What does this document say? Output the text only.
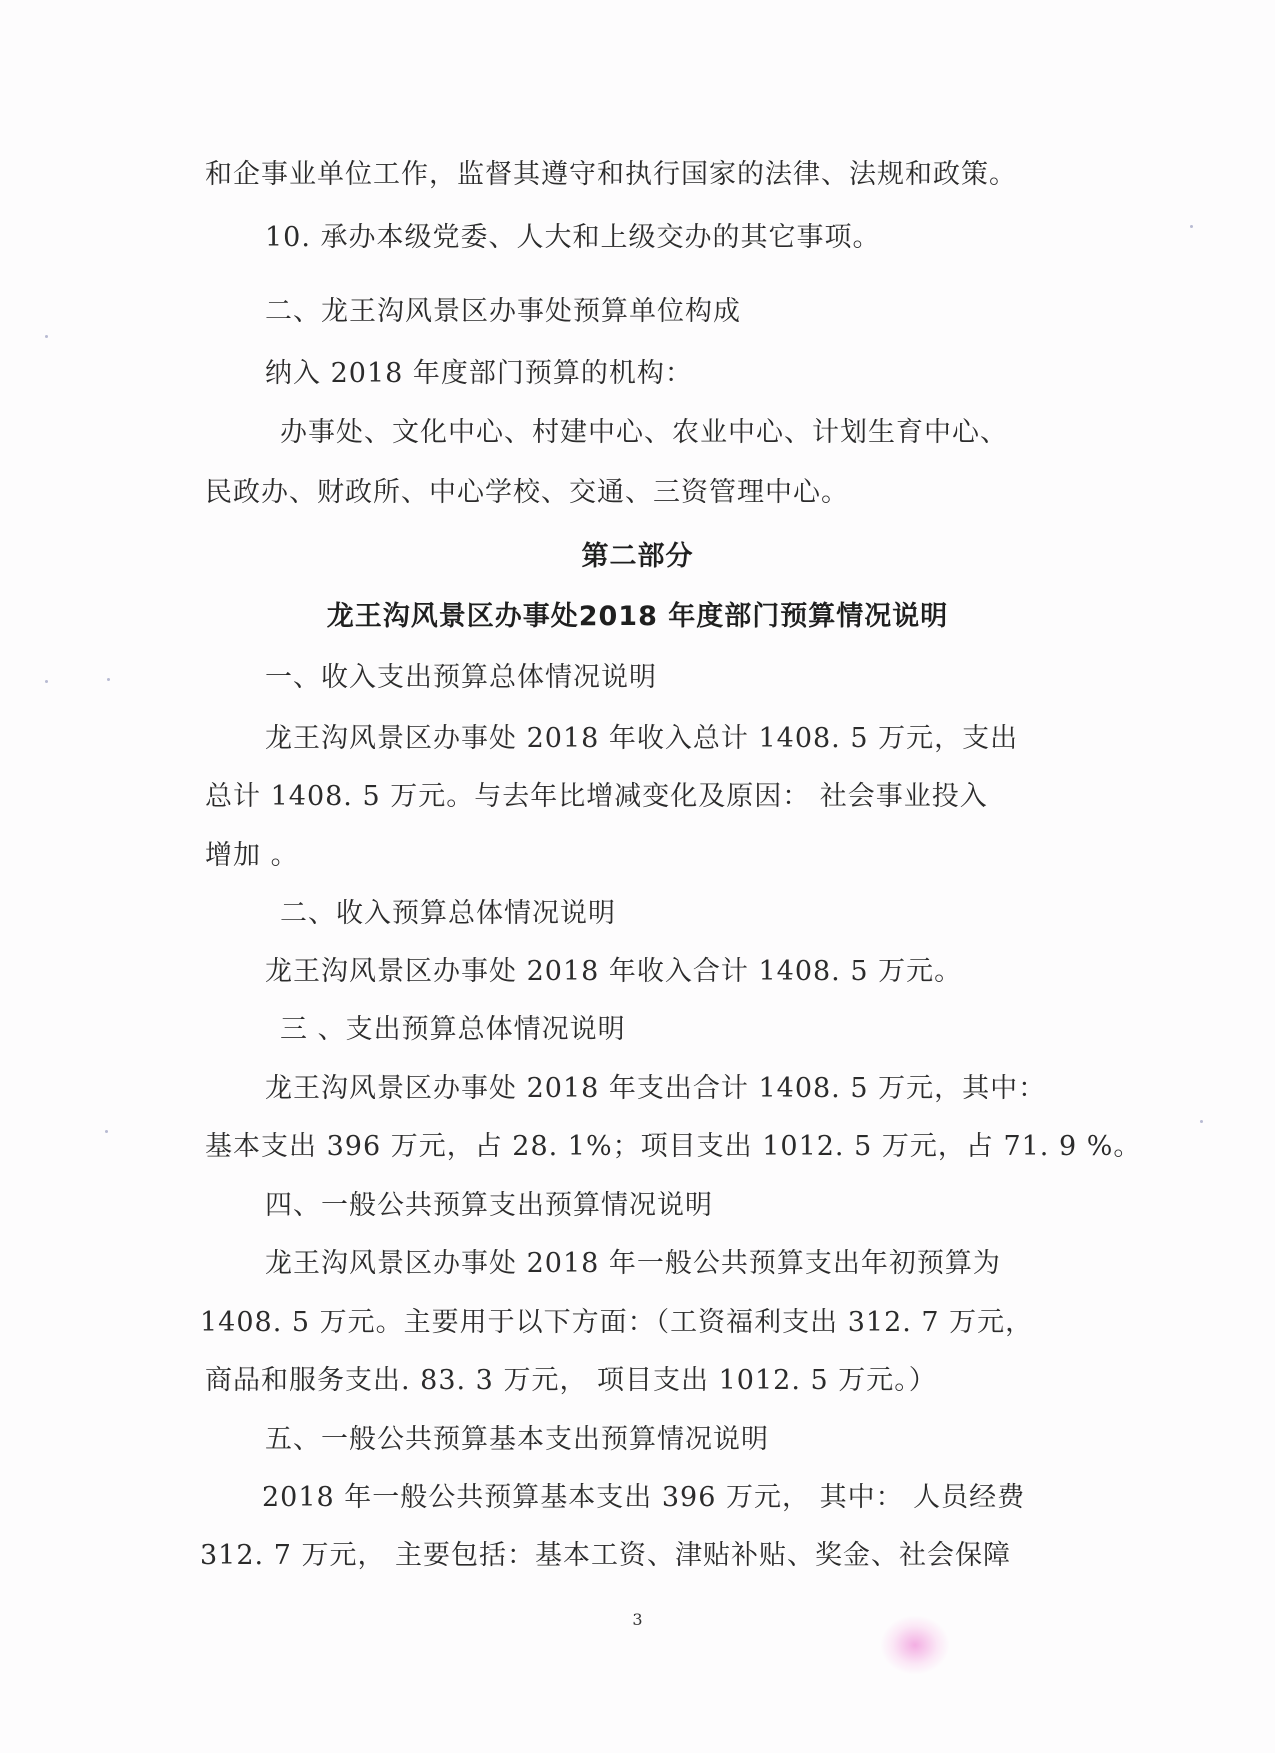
和企事业单位工作，监督其遵守和执行国家的法律、法规和政策。
10. 承办本级党委、人大和上级交办的其它事项。
二、龙王沟风景区办事处预算单位构成
纳入 2018 年度部门预算的机构：
办事处、文化中心、村建中心、农业中心、计划生育中心、
民政办、财政所、中心学校、交通、三资管理中心。
第二部分
龙王沟风景区办事处2018 年度部门预算情况说明
一、收入支出预算总体情况说明
龙王沟风景区办事处 2018 年收入总计 1408. 5 万元，支出
总计 1408. 5 万元。与去年比增减变化及原因： 社会事业投入
增加 。
二、收入预算总体情况说明
龙王沟风景区办事处 2018 年收入合计 1408. 5 万元。
三 、支出预算总体情况说明
龙王沟风景区办事处 2018 年支出合计 1408. 5 万元，其中：
基本支出 396 万元，占 28. 1%；项目支出 1012. 5 万元，占 71. 9 %。
四、一般公共预算支出预算情况说明
龙王沟风景区办事处 2018 年一般公共预算支出年初预算为
1408. 5 万元。主要用于以下方面：（工资福利支出 312. 7 万元，
商品和服务支出. 83. 3 万元， 项目支出 1012. 5 万元。）
五、一般公共预算基本支出预算情况说明
2018 年一般公共预算基本支出 396 万元， 其中： 人员经费
312. 7 万元， 主要包括：基本工资、津贴补贴、奖金、社会保障
3
